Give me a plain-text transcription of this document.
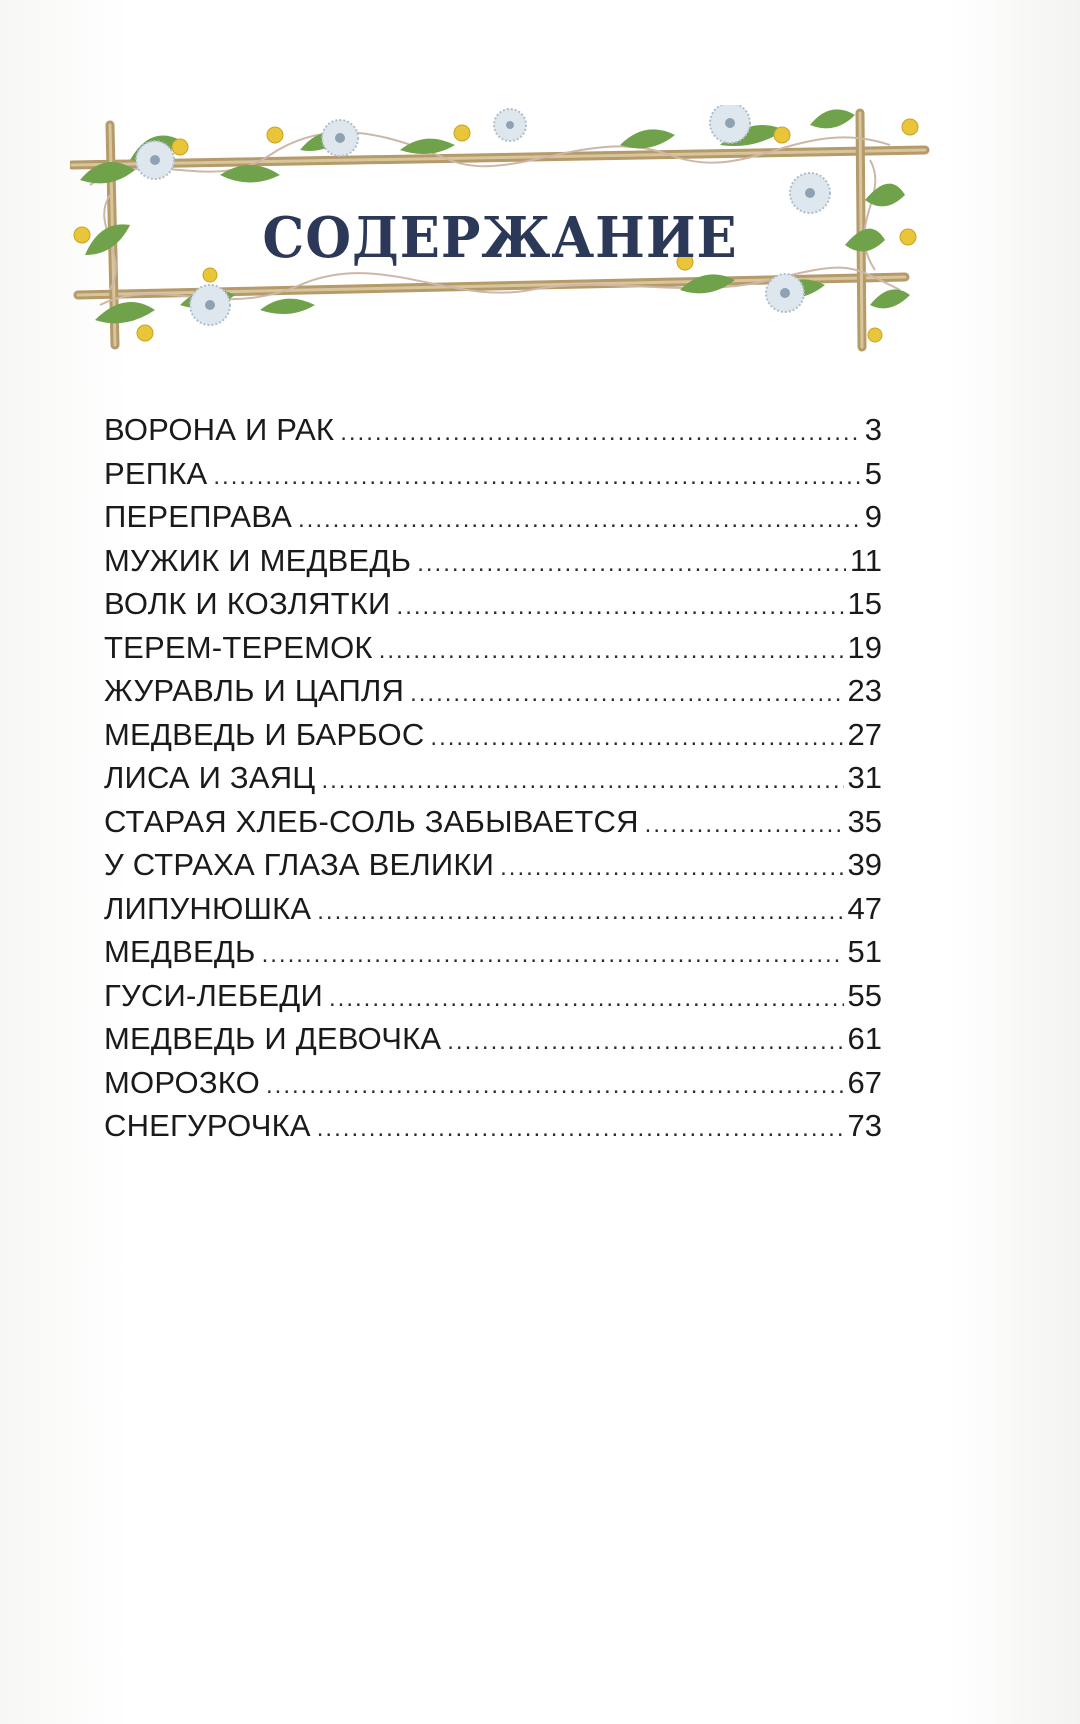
СОДЕРЖАНИЕ
ВОРОНА И РАК .....	3
РЕПКА .....	5
ПЕРЕПРАВА .....	9
МУЖИК И МЕДВЕДЬ .....	11
ВОЛК И КОЗЛЯТКИ .....	15
ТЕРЕМ-ТЕРЕМОК .....	19
ЖУРАВЛЬ И ЦАПЛЯ .....	23
МЕДВЕДЬ И БАРБОС .....	27
ЛИСА И ЗАЯЦ .....	31
СТАРАЯ ХЛЕБ-СОЛЬ ЗАБЫВАЕТСЯ .....	35
У СТРАХА ГЛАЗА ВЕЛИКИ .....	39
ЛИПУНЮШКА .....	47
МЕДВЕДЬ .....	51
ГУСИ-ЛЕБЕДИ .....	55
МЕДВЕДЬ И ДЕВОЧКА .....	61
МОРОЗКО .....	67
СНЕГУРОЧКА .....	73
